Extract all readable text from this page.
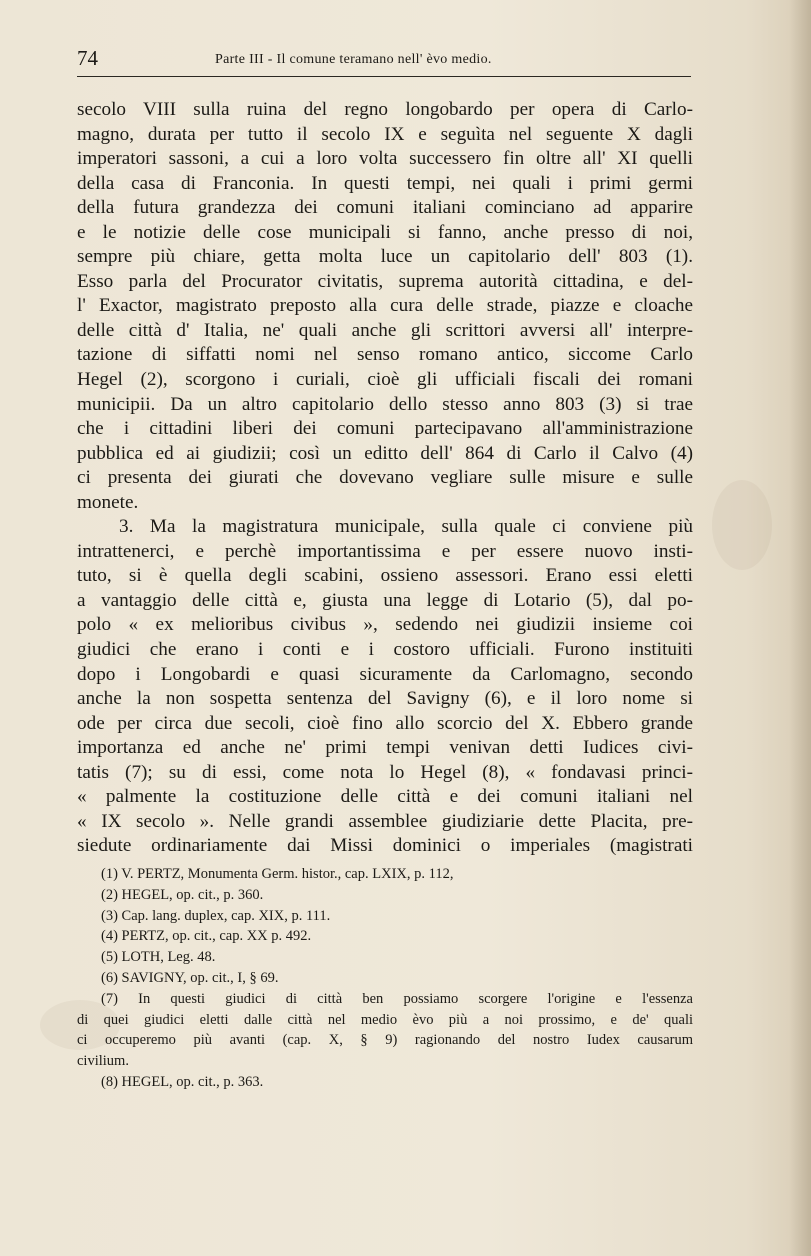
74	Parte III - Il comune teramano nell' èvo medio.
secolo VIII sulla ruina del regno longobardo per opera di Carlo-
magno, durata per tutto il secolo IX e seguìta nel seguente X dagli
imperatori sassoni, a cui a loro volta successero fin oltre all' XI quelli
della casa di Franconia. In questi tempi, nei quali i primi germi
della futura grandezza dei comuni italiani cominciano ad apparire
e le notizie delle cose municipali si fanno, anche presso di noi,
sempre più chiare, getta molta luce un capitolario dell' 803 (1).
Esso parla del Procurator civitatis, suprema autorità cittadina, e del-
l' Exactor, magistrato preposto alla cura delle strade, piazze e cloache
delle città d' Italia, ne' quali anche gli scrittori avversi all' interpre-
tazione di siffatti nomi nel senso romano antico, siccome Carlo
Hegel (2), scorgono i curiali, cioè gli ufficiali fiscali dei romani
municipii. Da un altro capitolario dello stesso anno 803 (3) si trae
che i cittadini liberi dei comuni partecipavano all'amministrazione
pubblica ed ai giudizii; così un editto dell' 864 di Carlo il Calvo (4)
ci presenta dei giurati che dovevano vegliare sulle misure e sulle
monete.
3. Ma la magistratura municipale, sulla quale ci conviene più
intrattenerci, e perchè importantissima e per essere nuovo insti-
tuto, si è quella degli scabini, ossieno assessori. Erano essi eletti
a vantaggio delle città e, giusta una legge di Lotario (5), dal po-
polo « ex melioribus civibus », sedendo nei giudizii insieme coi
giudici che erano i conti e i costoro ufficiali. Furono instituiti
dopo i Longobardi e quasi sicuramente da Carlomagno, secondo
anche la non sospetta sentenza del Savigny (6), e il loro nome si
ode per circa due secoli, cioè fino allo scorcio del X. Ebbero grande
importanza ed anche ne' primi tempi venivan detti Iudices civi-
tatis (7); su di essi, come nota lo Hegel (8), « fondavasi princi-
« palmente la costituzione delle città e dei comuni italiani nel
« IX secolo ». Nelle grandi assemblee giudiziarie dette Placita, pre-
siedute ordinariamente dai Missi dominici o imperiales (magistrati
(1) V. PERTZ, Monumenta Germ. histor., cap. LXIX, p. 112,
(2) HEGEL, op. cit., p. 360.
(3) Cap. lang. duplex, cap. XIX, p. 111.
(4) PERTZ, op. cit., cap. XX p. 492.
(5) LOTH, Leg. 48.
(6) SAVIGNY, op. cit., I, § 69.
(7) In questi giudici di città ben possiamo scorgere l'origine e l'essenza
di quei giudici eletti dalle città nel medio èvo più a noi prossimo, e de' quali
ci occuperemo più avanti (cap. X, § 9) ragionando del nostro Iudex causarum
civilium.
(8) HEGEL, op. cit., p. 363.
